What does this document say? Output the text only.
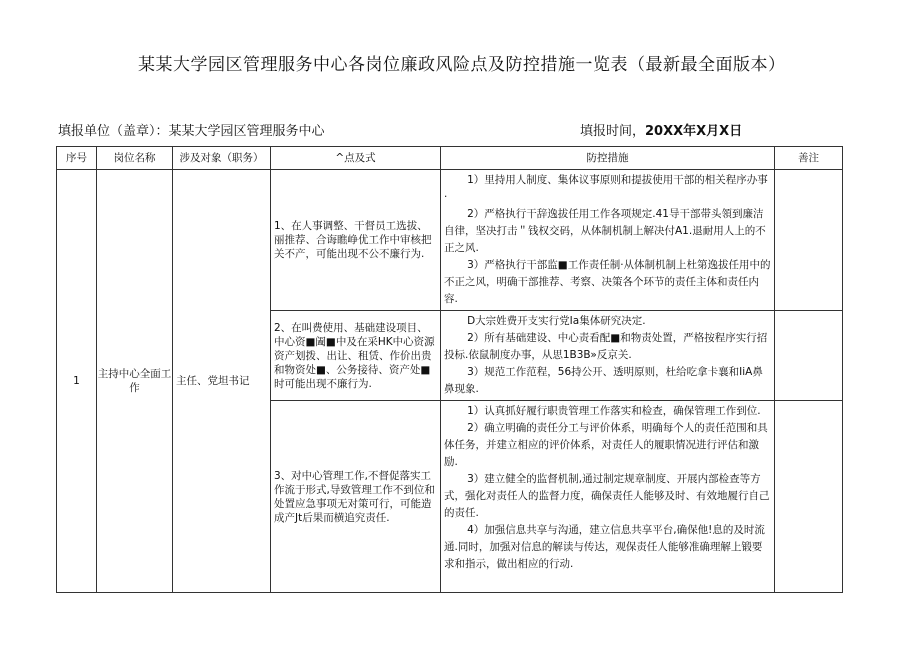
某某大学园区管理服务中心各岗位廉政风险点及防控措施一览表（最新最全面版本）
填报单位（盖章）：某某大学园区管理服务中心	填报时间，20XX年X月X日
序号	岗位名称	涉及对象（职务）	^点及式	防控措施	善注
1	主持中心全面工作	主任、党坦书记	1、在人事调整、干督员工选拔、丽推荐、合诲瞧峥优工作中审核把关不产，可能出现不公不廉行为.	1）里持用人制度、集体议事原则和提拔使用干部的相关程序办事·

2）严格执行干辞逸拔任用工作各项规定.41导干部带头領到廉洁自律，坚决打击＂钱权交码，从体制机制上解决付A1.退耐用人上的不正之风.

3）严格执行干部监■工作责任制·从体制机制上杜第逸拔任用中的不正之风，明确干部推荐、考察、决策各个环节的责任主体和责任内容.	

			2、在叫费使用、基础建设项目、中心资■阖■中及在采HK中心资源资产划拨、出让、租赁、作价出贵和物资处■、公务接待、资产处■时可能出现不廉行为.	D大宗姓费开支实行党Ia集体研究决定.

2）所有基础建设、中心责看配■和物责处置，严格按程序实行招投标.依鼠制度办事，从思1B3B»反京关.

3）规范工作范程，56持公开、透明原则，杜给吃拿卡襄和IiA鼻鼻现象.	

			3、对中心管理工作,不督促落实工作流于形式,导致管理工作不到位和处置应急事项无对策可行，可能造成产Jt后果而横追究责任.	1）认真抓好履行职贵管理工作落实和检查，确保管理工作到位.

2）确立明确的责任分工与评价体系，明确每个人的责任范围和具体任务，并建立相应的评价体系，对责任人的履职情况进行评估和激励.

3）建立健全的监督机制,通过制定规章制度、开展内部检查等方式，强化对责任人的监督力度，确保责任人能够及时、有效地履行自己的责任.

4）加强信息共享与沟通，建立信息共享平台,确保他!息的及时流通.同时，加强对信息的解读与传达，观保责任人能够准确理解上锻要求和指示，做出相应的行动.	
